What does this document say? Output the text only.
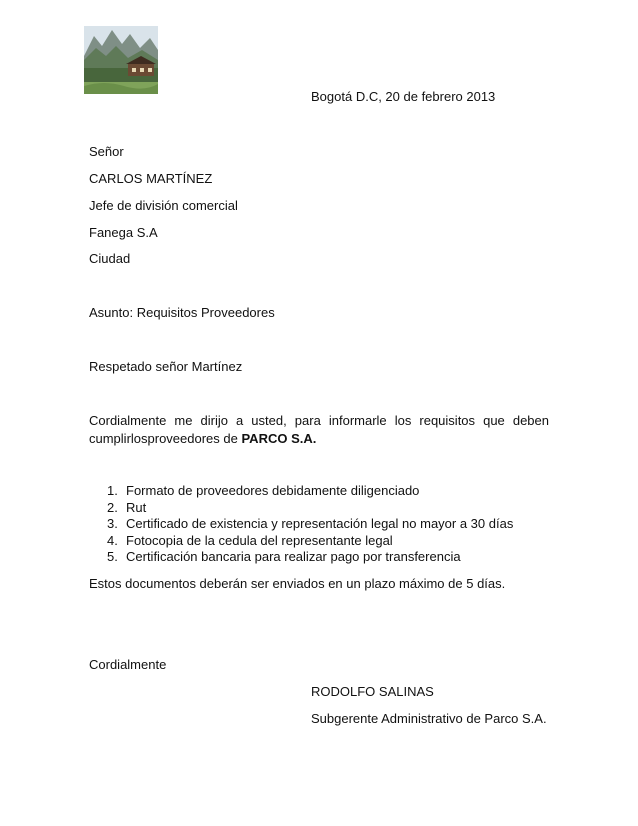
Bogotá D.C, 20 de febrero 2013
Señor
CARLOS MARTÍNEZ
Jefe de división comercial
Fanega S.A
Ciudad
Asunto: Requisitos Proveedores
Respetado señor Martínez
Cordialmente me dirijo a usted, para informarle los requisitos que deben cumplirlosproveedores de PARCO S.A.
1. Formato de proveedores debidamente diligenciado
2. Rut
3. Certificado de existencia y representación legal no mayor a 30 días
4. Fotocopia de la cedula del representante legal
5. Certificación bancaria para realizar pago por transferencia
Estos documentos deberán ser enviados en un plazo máximo de 5 días.
Cordialmente
RODOLFO SALINAS
Subgerente Administrativo de Parco S.A.
